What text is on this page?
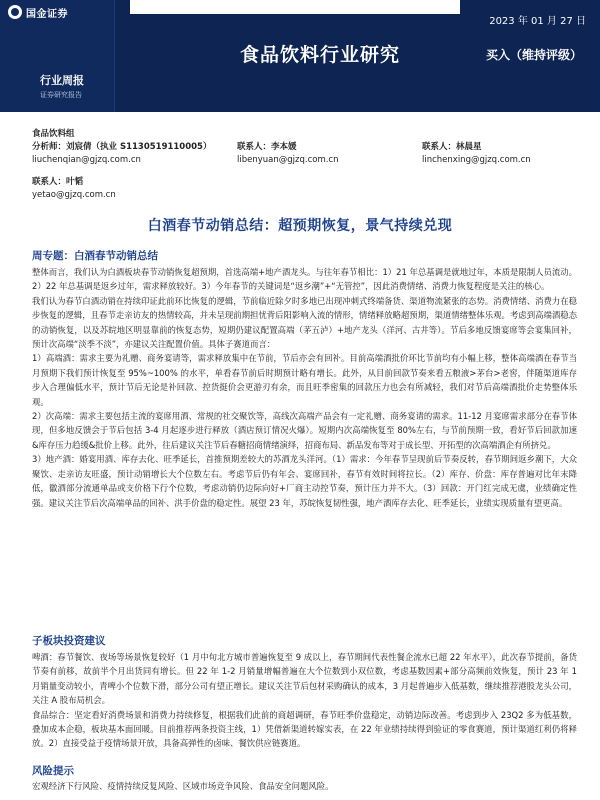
国金证券
2023 年 01 月 27 日
食品饮料行业研究	买入（维持评级）
行业周报
证券研究报告
食品饮料组
分析师：刘宸倩（执业 S1130519110005）
liuchenqian@gjzq.com.cn
联系人：李本媛
libenyuan@gjzq.com.cn
联系人：林晨星
linchenxing@gjzq.com.cn
联系人：叶韬
yetao@gjzq.com.cn
白酒春节动销总结：超预期恢复，景气持续兑现
周专题：白酒春节动销总结

整体而言，我们认为白酒板块春节动销恢复超预期，首选高端+地产酒龙头。与往年春节相比：1）21 年总基调是就地过年，本质是限制人员流动。2）22 年总基调是返乡过年，需求释放较好。3）今年春节的关键词是“返乡潮”+“无管控”，因此消费情绪、消费力恢复程度是关注的核心。

我们认为春节白酒动销在持续印证此前环比恢复的逻辑，节前临近除夕时多地已出现冲刺式终端备货、渠道物流紧张的态势。消费情绪、消费力在稳步恢复的逻辑，且春节走亲访友的热情较高，并未呈现前期担忧背后阳影响入流的情形，情绪释放略超预期，渠道情绪整体乐观。考虑到高端酒稳态的动销恢复，以及苏皖地区明显靠前的恢复态势，短期仍建议配置高端（茅五泸）+地产龙头（洋河、古井等）。节后多地反馈宴席等会宴集回补，预计次高端“淡季不淡”，亦建议关注配置价值。具体子赛道而言：

1）高端酒：需求主要为礼赠、商务宴请等，需求释放集中在节前，节后亦会有回补。目前高端酒批价环比节前均有小幅上移，整体高端酒在春节当月预期下我们预计恢复至 95%~100% 的水平，单看春节前后时期预计略有增长。此外，从目前回款节奏来看五粮液>茅台>老窖，伴随渠道库存步入合理偏低水平，预计节后无论是补回款、控货挺价会更游刃有余，而且旺季密集的回款压力也会有所减轻，我们对节后高端酒批价走势整体乐观。

2）次高端：需求主要包括主流的宴席用酒、常规的社交聚饮等，高线次高端产品会有一定礼赠、商务宴请的需求。11-12 月宴席需求部分在春节体现，但多地反馈会于节后包括 3-4 月起逐步进行释放（酒店预订情况火爆）。短期内次高端恢复至 80%左右，与节前预期一致，看好节后回款加速&库存压力趋缓&批价上移。此外，往后建议关注节后春糖招商情绪演绎，招商布局、新品发布等对于成长型、开拓型的次高端酒企有所挤兑。

3）地产酒：婚宴用酒、库存去化、旺季延长，首推预期差较大的苏酒龙头洋河。（1）需求：今年春节呈现前后节奏反转，春节期间返乡潮下，大众聚饮、走亲访友旺盛，预计动销增长大个位数左右。考虑节后仍有年会、宴席回补，春节有效时间将拉长。（2）库存、价盘：库存普遍对比年末降低，徽酒部分流通单品或支价格下行个位数，考虑动销仍边际向好+厂商主动控节奏，预计压力并不大。（3）回款：开门红完成无虞，业绩确定性强。建议关注节后次高端单品的回补、洪手价盘的稳定性。展望 23 年，苏皖恢复韧性强，地产酒库存去化、旺季延长，业绩实现质量有望更高。

子板块投资建议

啤酒：春节餐饮、夜场等场景恢复较好（1 月中旬北方城市普遍恢复至 9 成以上，春节期间代表性餐企流水已超 22 年水平），此次春节提前，备货节奏有前移，故前半个月出货同有增长。但 22 年 1-2 月销量增幅普遍在大个位数到小双位数，考虑基数因素+部分高频前效恢复，预计 23 年 1 月销量变动较小，青啤小个位数下滑，部分公司有望正增长。建议关注节后包材采购确认的成本，3 月起普遍步入低基数，继续推荐港股龙头公司，关注 A 股布局机会。

食品综合：坚定看好消费场景和消费力持续修复，根据我们此前的商超调研，春节旺季价盘稳定，动销边际改善。考虑到步入 23Q2 多为低基数，叠加成本企稳，板块基本面回暖。目前推荐两条投资主线，1）凭借新渠道转嫁实表，在 22 年业绩持续得到验证的零食赛道，预计渠道红利仍将释放。2）直接受益于疫情场景开放，具备高弹性的卤味、餐饮供应链赛道。

风险提示

宏观经济下行风险、疫情持续反复风险、区域市场竞争风险、食品安全问题风险。
